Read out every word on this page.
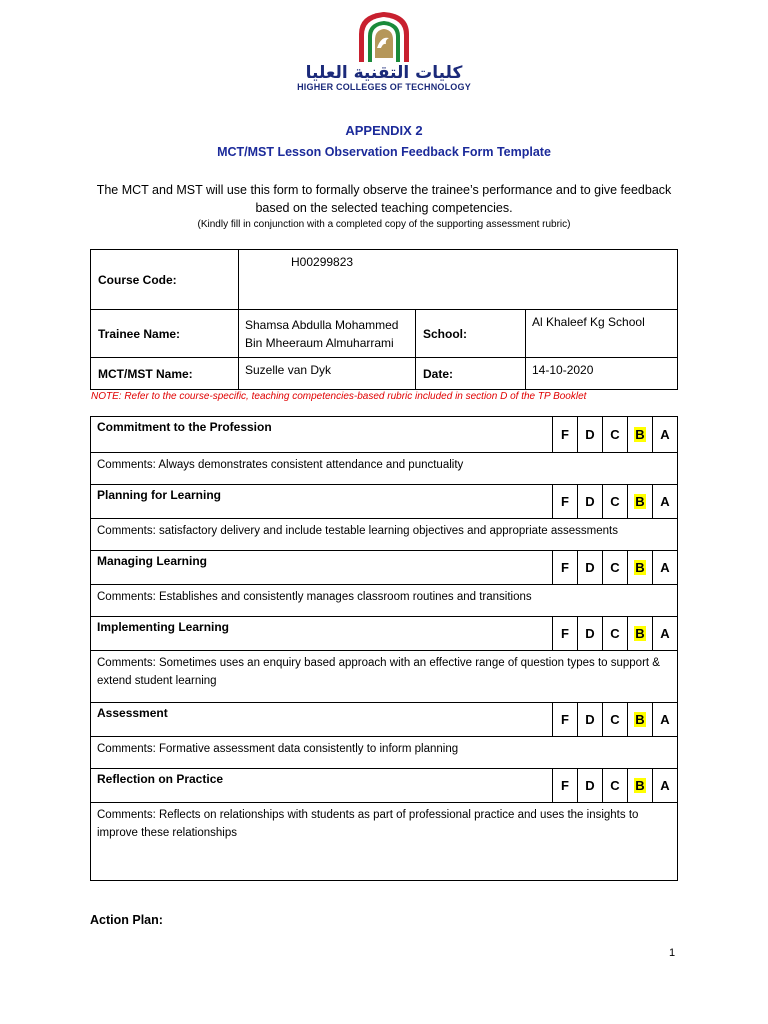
كليات التقنية العليا
HIGHER COLLEGES OF TECHNOLOGY
APPENDIX 2
MCT/MST Lesson Observation Feedback Form Template
The MCT and MST will use this form to formally observe the trainee’s performance and to give feedback based on the selected teaching competencies.
(Kindly fill in conjunction with a completed copy of the supporting assessment rubric)
Course Code:	H00299823		
Trainee Name:	Shamsa Abdulla Mohammed
Bin Mheeraum Almuharrami	School:	Al Khaleef Kg School
MCT/MST Name:	Suzelle van Dyk	Date:	14-10-2020
NOTE: Refer to the course-specific, teaching competencies-based rubric included in section D of the TP Booklet
Commitment to the Profession	F	D	C	B	A
Comments: Always demonstrates consistent attendance and punctuality					
Planning for Learning	F	D	C	B	A
Comments: satisfactory delivery and include testable learning objectives and appropriate assessments					
Managing Learning	F	D	C	B	A
Comments: Establishes and consistently manages classroom routines and transitions					
Implementing Learning	F	D	C	B	A
Comments: Sometimes uses an enquiry based approach with an effective range of question types to support & extend student learning					
Assessment	F	D	C	B	A
Comments: Formative assessment data consistently to inform planning					
Reflection on Practice	F	D	C	B	A
Comments: Reflects on relationships with students as part of professional practice and uses the insights to improve these relationships					
Action Plan:
1
